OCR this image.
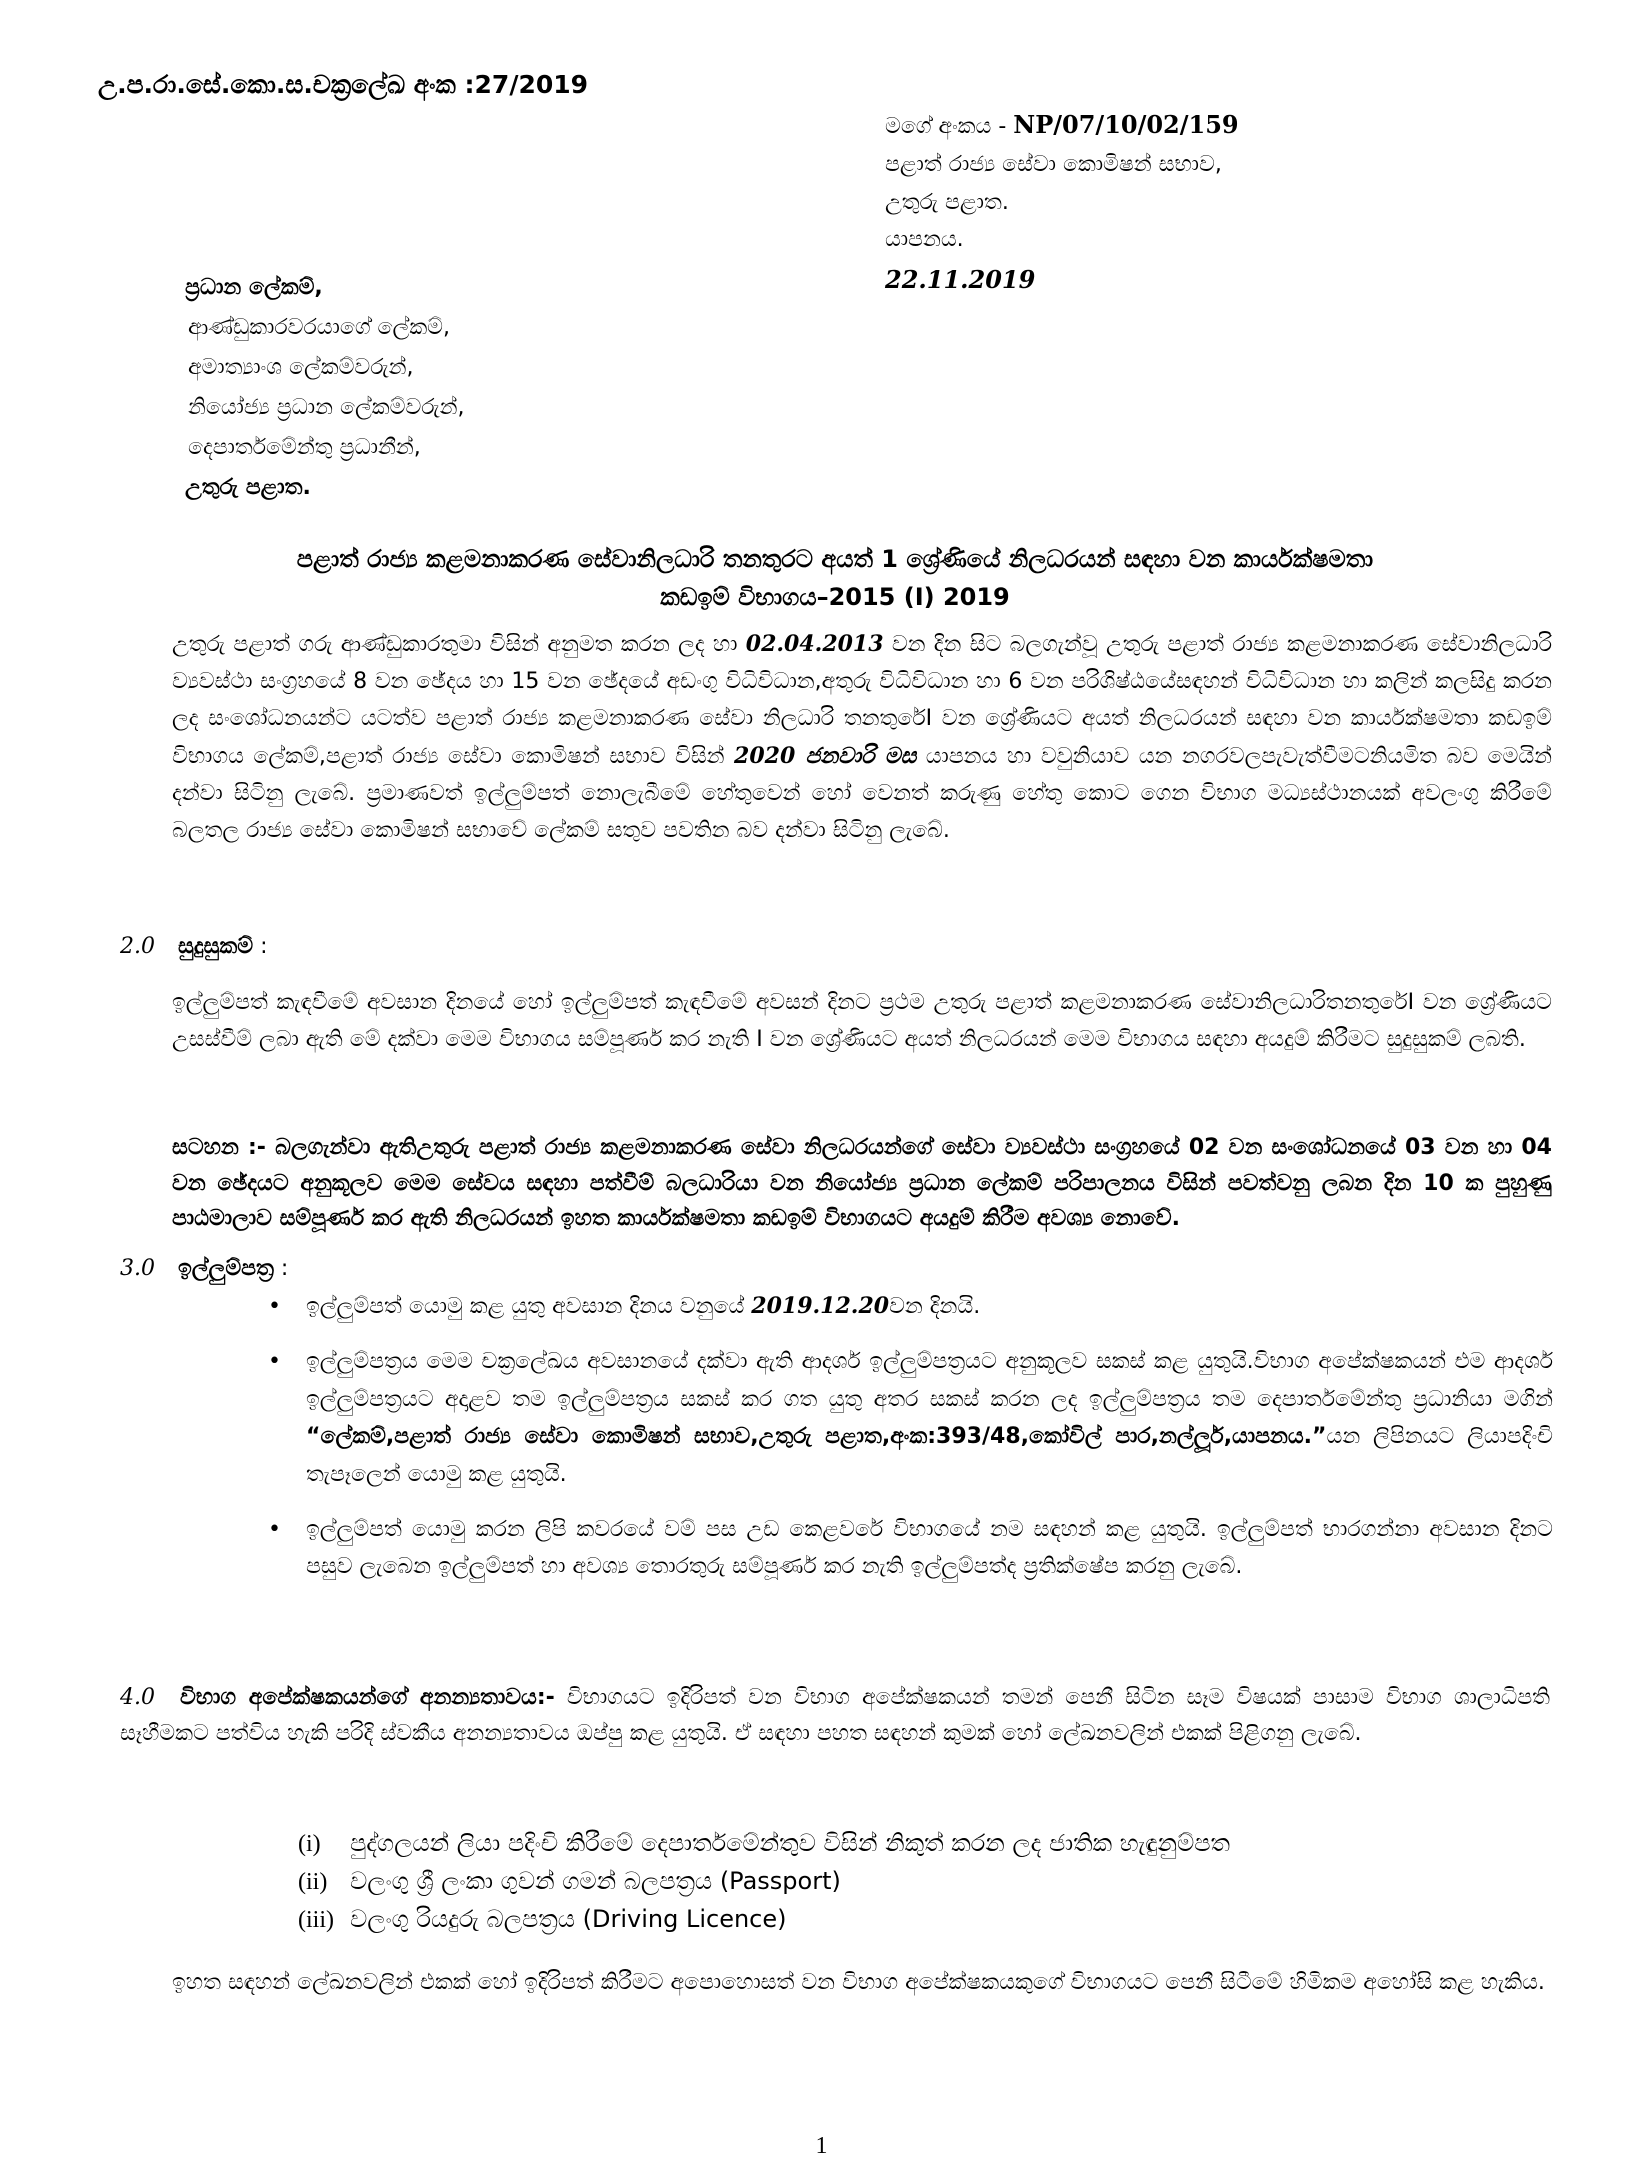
උ.ප.රා.සේ.කො.ස.චක්‍රලේඛ අංක :27/2019
මගේ අංකය - NP/07/10/02/159
පළාත් රාජ්‍ය සේවා කොමිෂන් සභාව,
උතුරු පළාත.
යාපනය.
22.11.2019
ප්‍රධාන ලේකම්,
ආණ්ඩුකාරවරයාගේ ලේකම්,
අමාත්‍යාංශ ලේකම්වරුන්,
නියෝජ්‍ය ප්‍රධාන ලේකම්වරුන්,
දෙපාර්තමේන්තු ප්‍රධානීන්,
උතුරු පළාත.
පළාත් රාජ්‍ය කළමනාකරණ සේවානිලධාරි තනතුරට අයත් 1 ශ්‍රේණියේ නිලධරයන් සඳහා වන කාර්යක්ෂමතා
කඩඉම් විභාගය–2015 (I) 2019
උතුරු පළාත් ගරු ආණ්ඩුකාරතුමා විසින් අනුමත කරන ලද හා 02.04.2013 වන දින සිට බලගැන්වූ උතුරු පළාත් රාජ්‍ය කළමනාකරණ සේවානිලධාරි ව්‍යවස්ථා සංග්‍රහයේ 8 වන ඡේදය හා 15 වන ඡේදයේ අඩංගු විධිවිධාන,අතුරු විධිවිධාන හා 6 වන පරිශිෂ්ඨයේසඳහන් විධිවිධාන හා කලින් කලසිදු කරන ලද සංශෝධනයන්ට යටත්ව පළාත් රාජ්‍ය කළමනාකරණ සේවා නිලධාරි තනතුරේI වන ශ්‍රේණියට අයත් නිලධරයන් සඳහා වන කාර්යක්ෂමතා කඩඉම් විභාගය ලේකම්,පළාත් රාජ්‍ය සේවා කොමිෂන් සභාව විසින් 2020 ජනවාරි මස යාපනය හා වවුනියාව යන නගරවලපැවැත්වීමටනියමිත බව මෙයින් දන්වා සිටිනු ලැබේ. ප්‍රමාණවත් ඉල්ලුම්පත් නොලැබීමේ හේතුවෙන් හෝ වෙනත් කරුණු හේතු කොට ගෙන විභාග මධ්‍යස්ථානයක් අවලංගු කිරීමේ බලතල රාජ්‍ය සේවා කොමිෂන් සභාවේ ලේකම් සතුව පවතින බව දන්වා සිටිනු ලැබේ.
2.0 සුදුසුකම් :
ඉල්ලුම්පත් කැඳවීමේ අවසාන දිනයේ හෝ ඉල්ලුම්පත් කැඳවීමේ අවසන් දිනට ප්‍රථම උතුරු පළාත් කළමනාකරණ සේවානිලධාරිතනතුරේI වන ශ්‍රේණියට උසස්වීම් ලබා ඇති මේ දක්වා මෙම විභාගය සම්පූර්ණ කර නැති I වන ශ්‍රේණියට අයත් නිලධරයන් මෙම විභාගය සඳහා අයදුම් කිරීමට සුදුසුකම් ලබති.
සටහන :- බලගැන්වා ඇතිඋතුරු පළාත් රාජ්‍ය කළමනාකරණ සේවා නිලධරයන්ගේ සේවා ව්‍යවස්ථා සංග්‍රහයේ 02 වන සංශෝධනයේ 03 වන හා 04 වන ඡේදයට අනුකූලව මෙම සේවය සඳහා පත්වීම් බලධාරියා වන නියෝජ්‍ය ප්‍රධාන ලේකම් පරිපාලනය විසින් පවත්වනු ලබන දින 10 ක පුහුණු පාඨමාලාව සම්පූර්ණ කර ඇති නිලධරයන් ඉහත කාර්යක්ෂමතා කඩඉම් විභාගයට අයදුම් කිරීම අවශ්‍ය නොවේ.
3.0 ඉල්ලුම්පත්‍ර :
• ඉල්ලුම්පත් යොමු කළ යුතු අවසාන දිනය වනුයේ 2019.12.20වන දිනයි.
• ඉල්ලුම්පත්‍රය මෙම චක්‍රලේඛය අවසානයේ දක්වා ඇති ආදර්ශ ඉල්ලුම්පත්‍රයට අනුකූලව සකස් කළ යුතුයි.විභාග අපේක්ෂකයන් එම ආදර්ශ ඉල්ලුම්පත්‍රයට අදාළව තම ඉල්ලුම්පත්‍රය සකස් කර ගත යුතු අතර සකස් කරන ලද ඉල්ලුම්පත්‍රය තම දෙපාර්තමේන්තු ප්‍රධානියා මගින් “ලේකම්,පළාත් රාජ්‍ය සේවා කොමිෂන් සභාව,උතුරු පළාත,අංක:393/48,කෝවිල් පාර,නල්ලූර්,යාපනය.”යන ලිපිනයට ලියාපදිංචි තැපෑලෙන් යොමු කළ යුතුයි.
• ඉල්ලුම්පත් යොමු කරන ලිපි කවරයේ වම් පස උඩ කෙළවරේ විභාගයේ නම සඳහන් කළ යුතුයි. ඉල්ලුම්පත් භාරගන්නා අවසාන දිනට පසුව ලැබෙන ඉල්ලුම්පත් හා අවශ්‍ය තොරතුරු සම්පූර්ණ කර නැති ඉල්ලුම්පත්ද ප්‍රතික්ෂේප කරනු ලැබේ.
4.0 විභාග අපේක්ෂකයන්ගේ අනන්‍යතාවය:- විභාගයට ඉදිරිපත් වන විභාග අපේක්ෂකයන් තමන් පෙනී සිටින සෑම විෂයක් පාසාම විභාග ශාලාධිපති සෑහීමකට පත්විය හැකි පරිදි ස්වකීය අනන්‍යතාවය ඔප්පු කළ යුතුයි. ඒ සඳහා පහත සඳහන් කුමක් හෝ ලේඛනවලින් එකක් පිළිගනු ලැබේ.
(i) පුද්ගලයන් ලියා පදිංචි කිරීමේ දෙපාර්තමේන්තුව විසින් නිකුත් කරන ලද ජාතික හැඳුනුම්පත
(ii) වලංගු ශ්‍රී ලංකා ගුවන් ගමන් බලපත්‍රය (Passport)
(iii) වලංගු රියදුරු බලපත්‍රය (Driving Licence)
ඉහත සඳහන් ලේඛනවලින් එකක් හෝ ඉදිරිපත් කිරීමට අපොහොසත් වන විභාග අපේක්ෂකයකුගේ විභාගයට පෙනී සිටීමේ හිමිකම අහෝසි කළ හැකිය.
1
